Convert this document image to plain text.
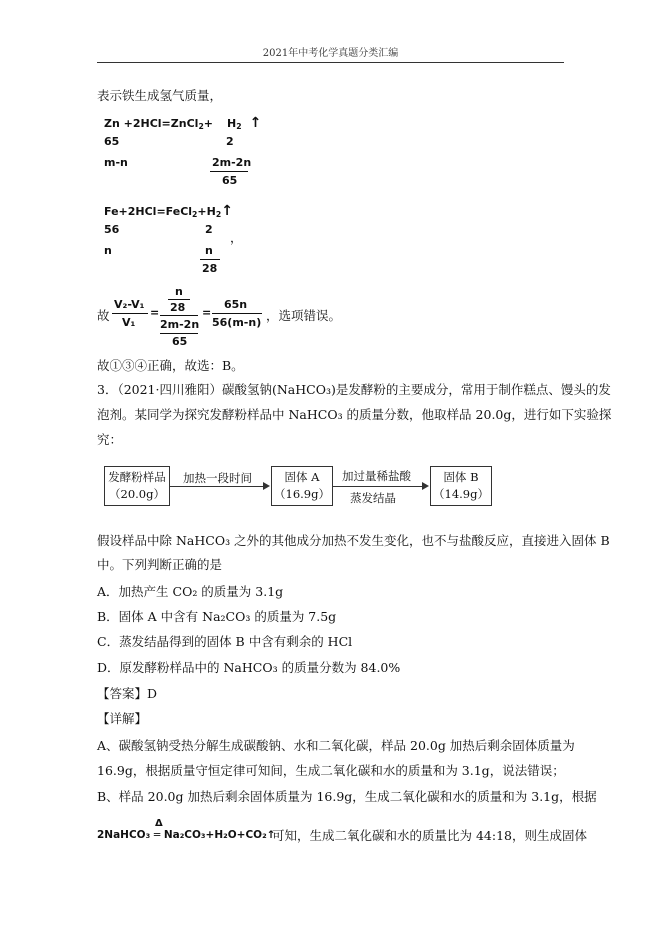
2021年中考化学真题分类汇编
表示铁生成氢气质量，
Zn +2HCl=ZnCl$_2$+ $H_2$ ↑
65	2
m-n	2m-2n
65
$Fe+2HCl=FeCl_2+H_2↑$
56	2
，
n	n
28
故
V₂-V₁
V₁
=
n
28
2m-2n
65
=
65n
56(m-n) ，选项错误。
故①③④正确，故选：B。
3．（2021·四川雅阳）碳酸氢钠(NaHCO₃)是发酵粉的主要成分，常用于制作糕点、馒头的发
泡剂。某同学为探究发酵粉样品中 NaHCO₃ 的质量分数，他取样品 20.0g，进行如下实验探
究：
发酵粉样品
（20.0g）
加热一段时间	固体 A
（16.9g）
加过量稀盐酸
蒸发结晶
固体 B
（14.9g）
假设样品中除 NaHCO₃ 之外的其他成分加热不发生变化，也不与盐酸反应，直接进入固体 B
中。下列判断正确的是
A．加热产生 CO₂ 的质量为 3.1g
B．固体 A 中含有 Na₂CO₃ 的质量为 7.5g
C．蒸发结晶得到的固体 B 中含有剩余的 HCl
D．原发酵粉样品中的 NaHCO₃ 的质量分数为 84.0%
【答案】D
【详解】
A、碳酸氢钠受热分解生成碳酸钠、水和二氧化碳，样品 20.0g 加热后剩余固体质量为
16.9g，根据质量守恒定律可知间，生成二氧化碳和水的质量和为 3.1g，说法错误；
B、样品 20.0g 加热后剩余固体质量为 16.9g，生成二氧化碳和水的质量和为 3.1g，根据
Δ
2NaHCO₃ ═ Na₂CO₃+H₂O+CO₂↑
可知，生成二氧化碳和水的质量比为 44:18，则生成固体
